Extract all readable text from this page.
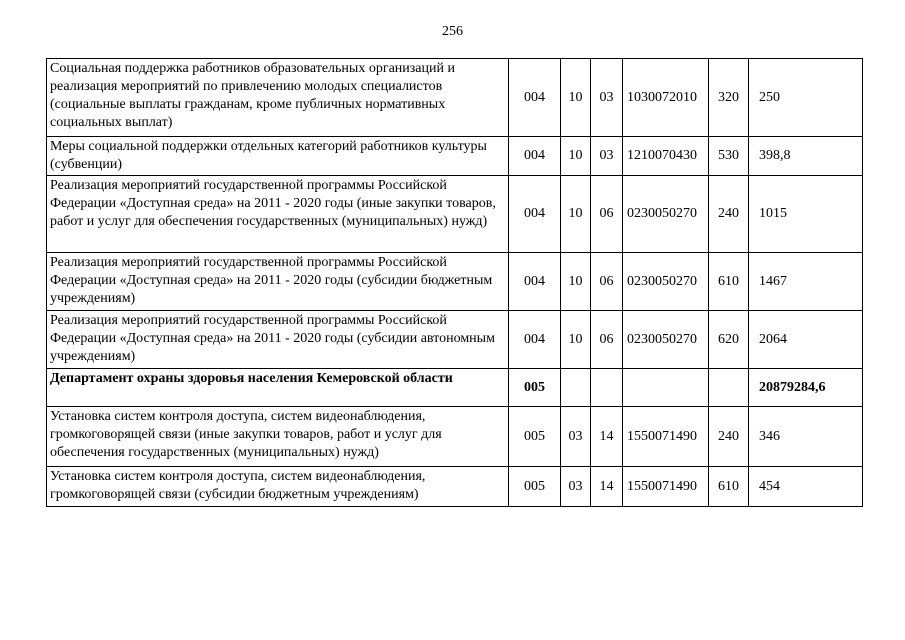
256
Социальная поддержка работников образовательных организаций и реализация мероприятий по привлечению молодых специалистов (социальные выплаты гражданам, кроме публичных нормативных социальных выплат)	004	10	03	1030072010	320	250
Меры социальной поддержки отдельных категорий работников культуры (субвенции)	004	10	03	1210070430	530	398,8
Реализация мероприятий государственной программы Российской Федерации «Доступная среда» на 2011 - 2020 годы (иные закупки товаров, работ и услуг для обеспечения государственных (муниципальных) нужд)	004	10	06	0230050270	240	1015
Реализация мероприятий государственной программы Российской Федерации «Доступная среда» на 2011 - 2020 годы (субсидии бюджетным учреждениям)	004	10	06	0230050270	610	1467
Реализация мероприятий государственной программы Российской Федерации «Доступная среда» на 2011 - 2020 годы (субсидии автономным учреждениям)	004	10	06	0230050270	620	2064
Департамент охраны здоровья населения Кемеровской области	005					20879284,6
Установка систем контроля доступа, систем видеонаблюдения, громкоговорящей связи (иные закупки товаров, работ и услуг для обеспечения государственных (муниципальных) нужд)	005	03	14	1550071490	240	346
Установка систем контроля доступа, систем видеонаблюдения, громкоговорящей связи (субсидии бюджетным учреждениям)	005	03	14	1550071490	610	454
